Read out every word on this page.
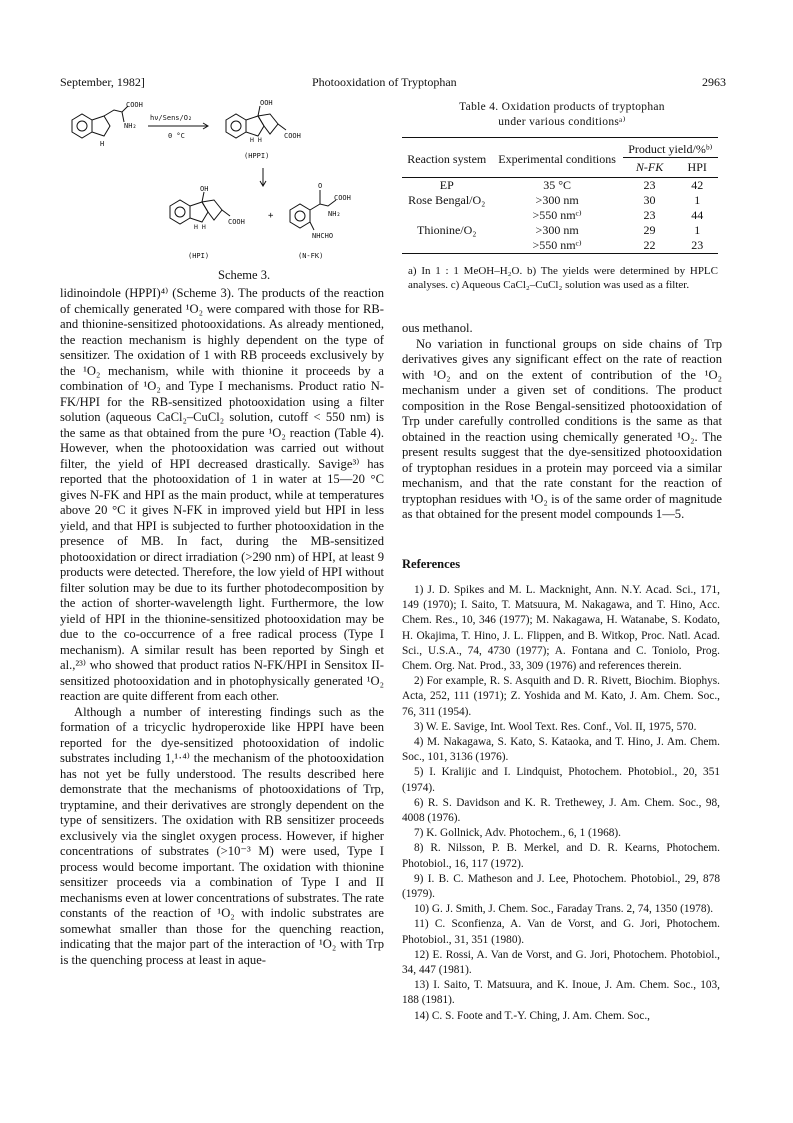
September, 1982]	Photooxidation of Tryptophan	2963
COOH
NH₂
H
hν/Sens/O₂
0 °C
OOH
COOH
H H
(HPPI)
OH
COOH
H H
(HPI)
+
O
COOH
NH₂
NHCHO
(N-FK)
Scheme 3.

lidinoindole (HPPI)⁴⁾ (Scheme 3). The products of the reaction of chemically generated ¹O₂ were compared with those for RB- and thionine-sensitized photooxidations. As already mentioned, the reaction mechanism is highly dependent on the type of sensitizer. The oxidation of 1 with RB proceeds exclusively by the ¹O₂ mechanism, while with thionine it proceeds by a combination of ¹O₂ and Type I mechanisms. Product ratio N-FK/HPI for the RB-sensitized photooxidation using a filter solution (aqueous CaCl₂–CuCl₂ solution, cutoff < 550 nm) is the same as that obtained from the pure ¹O₂ reaction (Table 4). However, when the photooxidation was carried out without filter, the yield of HPI decreased drastically. Savige³⁾ has reported that the photooxidation of 1 in water at 15—20 °C gives N-FK and HPI as the main product, while at temperatures above 20 °C it gives N-FK in improved yield but HPI in less yield, and that HPI is subjected to further photooxidation in the presence of MB. In fact, during the MB-sensitized photooxidation or direct irradiation (>290 nm) of HPI, at least 9 products were detected. Therefore, the low yield of HPI without filter solution may be due to its further photodecomposition by the action of shorter-wavelength light. Furthermore, the low yield of HPI in the thionine-sensitized photooxidation may be due to the co-occurrence of a free radical process (Type I mechanism). A similar result has been reported by Singh et al.,²³⁾ who showed that product ratios N-FK/HPI in Sensitox II-sensitized photooxidation and in photophysically generated ¹O₂ reaction are quite different from each other.

Although a number of interesting findings such as the formation of a tricyclic hydroperoxide like HPPI have been reported for the dye-sensitized photooxidation of indolic substrates including 1,¹·⁴⁾ the mechanism of the photooxidation has not yet be fully understood. The results described here demonstrate that the mechanisms of photooxidations of Trp, tryptamine, and their derivatives are strongly dependent on the type of sensitizers. The oxidation with RB sensitizer proceeds exclusively via the singlet oxygen process. However, if higher concentrations of substrates (>10⁻³ M) were used, Type I process would become important. The oxidation with thionine sensitizer proceeds via a combination of Type I and II mechanisms even at lower concentrations of substrates. The rate constants of the reaction of ¹O₂ with indolic substrates are somewhat smaller than those for the quenching reaction, indicating that the major part of the interaction of ¹O₂ with Trp is the quenching process at least in aque-

Table 4. Oxidation products of tryptophan
under various conditionsᵃ⁾
Reaction system	Experimental conditions	Product yield/%ᵇ⁾	
		N-FK	HPI
EP	35 °C	23	42
Rose Bengal/O₂	>300 nm	30	1
	>550 nmᶜ⁾	23	44
Thionine/O₂	>300 nm	29	1
	>550 nmᶜ⁾	22	23
a) In 1 : 1 MeOH–H₂O. b) The yields were determined by HPLC analyses. c) Aqueous CaCl₂–CuCl₂ solution was used as a filter.

ous methanol.

No variation in functional groups on side chains of Trp derivatives gives any significant effect on the rate of reaction with ¹O₂ and on the extent of contribution of the ¹O₂ mechanism under a given set of conditions. The product composition in the Rose Bengal-sensitized photooxidation of Trp under carefully controlled conditions is the same as that obtained in the reaction using chemically generated ¹O₂. The present results suggest that the dye-sensitized photooxidation of tryptophan residues in a protein may porceed via a similar mechanism, and that the rate constant for the reaction of tryptophan residues with ¹O₂ is of the same order of magnitude as that obtained for the present model compounds 1—5.

References
1) J. D. Spikes and M. L. Macknight, Ann. N.Y. Acad. Sci., 171, 149 (1970); I. Saito, T. Matsuura, M. Nakagawa, and T. Hino, Acc. Chem. Res., 10, 346 (1977); M. Nakagawa, H. Watanabe, S. Kodato, H. Okajima, T. Hino, J. L. Flippen, and B. Witkop, Proc. Natl. Acad. Sci., U.S.A., 74, 4730 (1977); A. Fontana and C. Toniolo, Prog. Chem. Org. Nat. Prod., 33, 309 (1976) and references therein.
2) For example, R. S. Asquith and D. R. Rivett, Biochim. Biophys. Acta, 252, 111 (1971); Z. Yoshida and M. Kato, J. Am. Chem. Soc., 76, 311 (1954).
3) W. E. Savige, Int. Wool Text. Res. Conf., Vol. II, 1975, 570.
4) M. Nakagawa, S. Kato, S. Kataoka, and T. Hino, J. Am. Chem. Soc., 101, 3136 (1976).
5) I. Kralijic and I. Lindquist, Photochem. Photobiol., 20, 351 (1974).
6) R. S. Davidson and K. R. Trethewey, J. Am. Chem. Soc., 98, 4008 (1976).
7) K. Gollnick, Adv. Photochem., 6, 1 (1968).
8) R. Nilsson, P. B. Merkel, and D. R. Kearns, Photochem. Photobiol., 16, 117 (1972).
9) I. B. C. Matheson and J. Lee, Photochem. Photobiol., 29, 878 (1979).
10) G. J. Smith, J. Chem. Soc., Faraday Trans. 2, 74, 1350 (1978).
11) C. Sconfienza, A. Van de Vorst, and G. Jori, Photochem. Photobiol., 31, 351 (1980).
12) E. Rossi, A. Van de Vorst, and G. Jori, Photochem. Photobiol., 34, 447 (1981).
13) I. Saito, T. Matsuura, and K. Inoue, J. Am. Chem. Soc., 103, 188 (1981).
14) C. S. Foote and T.-Y. Ching, J. Am. Chem. Soc.,
